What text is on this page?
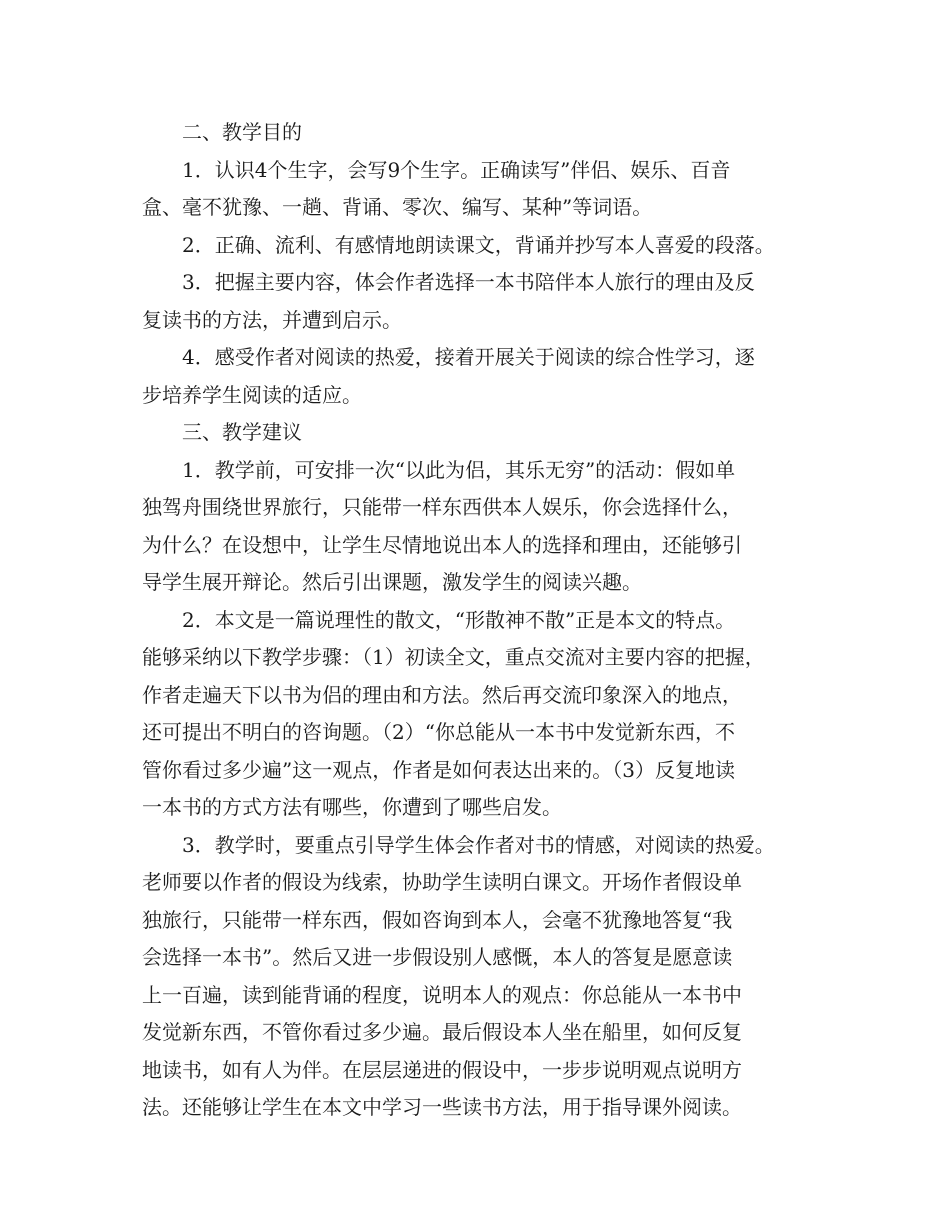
二、教学目的
1．认识4个生字，会写9个生字。正确读写”伴侣、娱乐、百音
盒、毫不犹豫、一趟、背诵、零次、编写、某种”等词语。
2．正确、流利、有感情地朗读课文，背诵并抄写本人喜爱的段落。
3．把握主要内容，体会作者选择一本书陪伴本人旅行的理由及反
复读书的方法，并遭到启示。
4．感受作者对阅读的热爱，接着开展关于阅读的综合性学习，逐
步培养学生阅读的适应。
三、教学建议
1．教学前，可安排一次“以此为侣，其乐无穷”的活动：假如单
独驾舟围绕世界旅行，只能带一样东西供本人娱乐，你会选择什么，
为什么？在设想中，让学生尽情地说出本人的选择和理由，还能够引
导学生展开辩论。然后引出课题，激发学生的阅读兴趣。
2．本文是一篇说理性的散文，“形散神不散”正是本文的特点。
能够采纳以下教学步骤：（1）初读全文，重点交流对主要内容的把握，
作者走遍天下以书为侣的理由和方法。然后再交流印象深入的地点，
还可提出不明白的咨询题。（2）“你总能从一本书中发觉新东西，不
管你看过多少遍”这一观点，作者是如何表达出来的。（3）反复地读
一本书的方式方法有哪些，你遭到了哪些启发。
3．教学时，要重点引导学生体会作者对书的情感，对阅读的热爱。
老师要以作者的假设为线索，协助学生读明白课文。开场作者假设单
独旅行，只能带一样东西，假如咨询到本人，会毫不犹豫地答复“我
会选择一本书”。然后又进一步假设别人感慨，本人的答复是愿意读
上一百遍，读到能背诵的程度，说明本人的观点：你总能从一本书中
发觉新东西，不管你看过多少遍。最后假设本人坐在船里，如何反复
地读书，如有人为伴。在层层递进的假设中，一步步说明观点说明方
法。还能够让学生在本文中学习一些读书方法，用于指导课外阅读。
